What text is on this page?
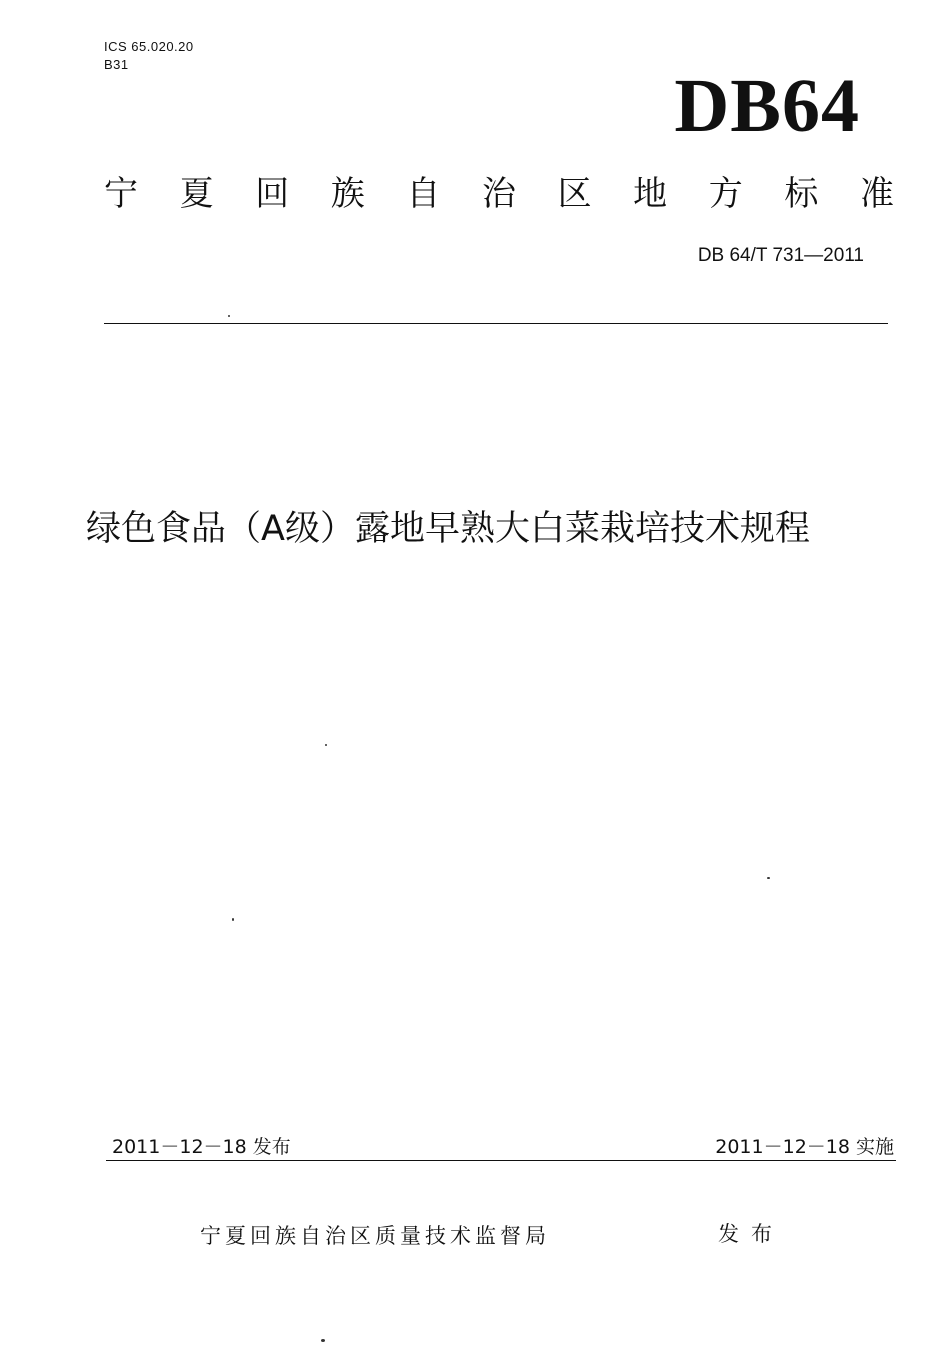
ICS 65.020.20
B31	DB64
宁 夏 回 族 自 治 区 地 方 标 准
DB 64/T 731—2011
绿色食品（A级）露地早熟大白菜栽培技术规程
2011－12－18 发布	2011－12－18 实施
宁夏回族自治区质量技术监督局	发布
